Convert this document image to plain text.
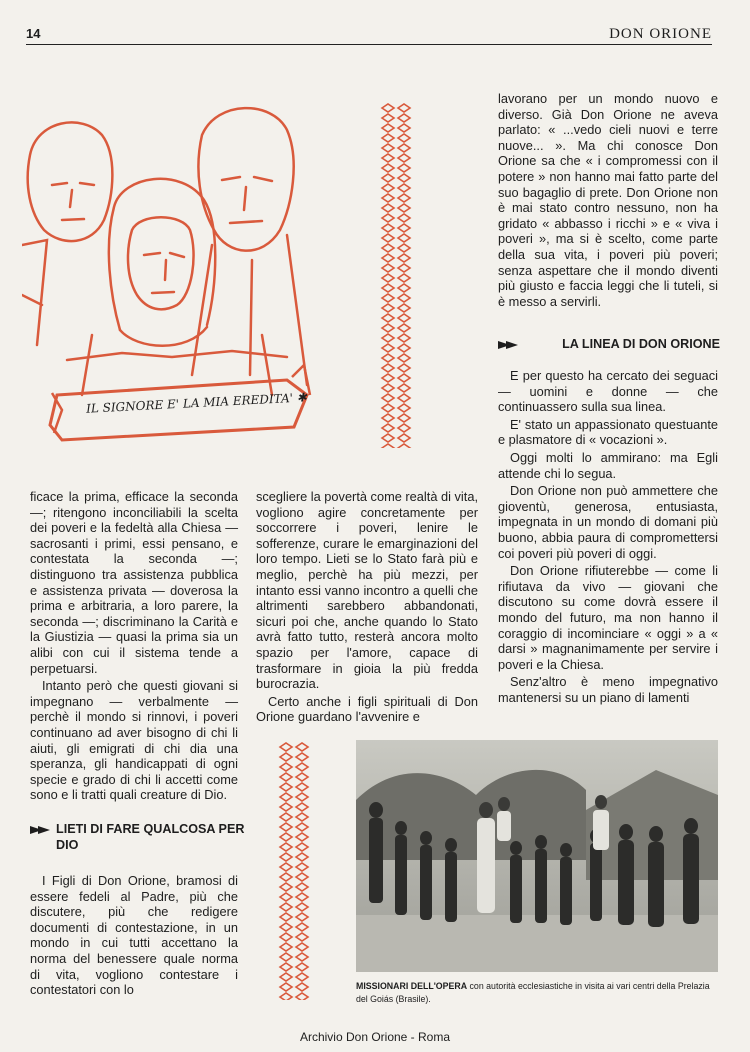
14	DON ORIONE
IL SIGNORE E' LA MIA EREDITA' ✱

ficace la prima, efficace la seconda —; ritengono inconciliabili la scelta dei poveri e la fedeltà alla Chiesa — sacrosanti i primi, essi pensano, e contestata la seconda —; distinguono tra assistenza pubblica e assistenza privata — doverosa la prima e arbitraria, a loro parere, la seconda —; discriminano la Carità e la Giustizia — quasi la prima sia un alibi con cui il sistema tende a perpetuarsi.

Intanto però che questi giovani si impegnano — verbalmente — perchè il mondo si rinnovi, i poveri continuano ad aver bisogno di chi li aiuti, gli emigrati di chi dia una speranza, gli handicappati di ogni specie e grado di chi li accetti come sono e li tratti quali creature di Dio.

LIETI DI FARE QUALCOSA PER DIO

I Figli di Don Orione, bramosi di essere fedeli al Padre, più che discutere, più che redigere documenti di contestazione, in un mondo in cui tutti accettano la norma del benessere quale norma di vita, vogliono contestare i contestatori con lo

scegliere la povertà come realtà di vita, vogliono agire concretamente per soccorrere i poveri, lenire le sofferenze, curare le emarginazioni del loro tempo. Lieti se lo Stato farà più e meglio, perchè ha più mezzi, per intanto essi vanno incontro a quelli che altrimenti sarebbero abbandonati, sicuri poi che, anche quando lo Stato avrà fatto tutto, resterà ancora molto spazio per l'amore, capace di trasformare in gioia la più fredda burocrazia.

Certo anche i figli spirituali di Don Orione guardano l'avvenire e

lavorano per un mondo nuovo e diverso. Già Don Orione ne aveva parlato: « ...vedo cieli nuovi e terre nuove... ». Ma chi conosce Don Orione sa che « i compromessi con il potere » non hanno mai fatto parte del suo bagaglio di prete. Don Orione non è mai stato contro nessuno, non ha gridato « abbasso i ricchi » e « viva i poveri », ma si è scelto, come parte della sua vita, i poveri più poveri; senza aspettare che il mondo diventi più giusto e faccia leggi che li tuteli, si è messo a servirli.

LA LINEA DI DON ORIONE

E per questo ha cercato dei seguaci — uomini e donne — che continuassero sulla sua linea.

E' stato un appassionato questuante e plasmatore di « vocazioni ».

Oggi molti lo ammirano: ma Egli attende chi lo segua.

Don Orione non può ammettere che gioventù, generosa, entusiasta, impegnata in un mondo di domani più buono, abbia paura di compromettersi coi poveri più poveri di oggi.

Don Orione rifiuterebbe — come li rifiutava da vivo — giovani che discutono su come dovrà essere il mondo del futuro, ma non hanno il coraggio di incominciare « oggi » a « darsi » magnanimamente per servire i poveri e la Chiesa.

Senz'altro è meno impegnativo mantenersi su un piano di lamenti

MISSIONARI DELL'OPERA con autorità ecclesiastiche in visita ai vari centri della Prelazia del Goiás (Brasile).
Archivio Don Orione - Roma
